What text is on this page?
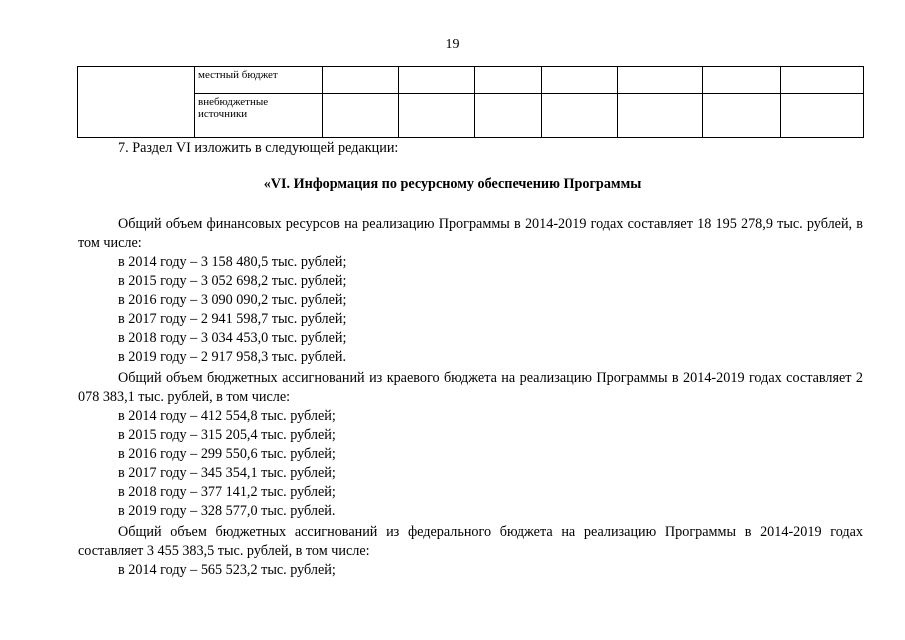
19
	местный бюджет							
	внебюджетные источники							
7. Раздел VI изложить в следующей редакции:
«VI. Информация по ресурсному обеспечению Программы
Общий объем финансовых ресурсов на реализацию Программы в 2014-2019 годах составляет 18 195 278,9 тыс. рублей, в том числе:
в 2014 году – 3 158 480,5 тыс. рублей;
в 2015 году – 3 052 698,2 тыс. рублей;
в 2016 году – 3 090 090,2 тыс. рублей;
в 2017 году – 2 941 598,7 тыс. рублей;
в 2018 году – 3 034 453,0 тыс. рублей;
в 2019 году – 2 917 958,3 тыс. рублей.
Общий объем бюджетных ассигнований из краевого бюджета на реализацию Программы в 2014-2019 годах составляет 2 078 383,1 тыс. рублей, в том числе:
в 2014 году – 412 554,8 тыс. рублей;
в 2015 году – 315 205,4 тыс. рублей;
в 2016 году – 299 550,6 тыс. рублей;
в 2017 году – 345 354,1 тыс. рублей;
в 2018 году – 377 141,2 тыс. рублей;
в 2019 году – 328 577,0 тыс. рублей.
Общий объем бюджетных ассигнований из федерального бюджета на реализацию Программы в 2014-2019 годах составляет 3 455 383,5 тыс. рублей, в том числе:
в 2014 году – 565 523,2 тыс. рублей;
